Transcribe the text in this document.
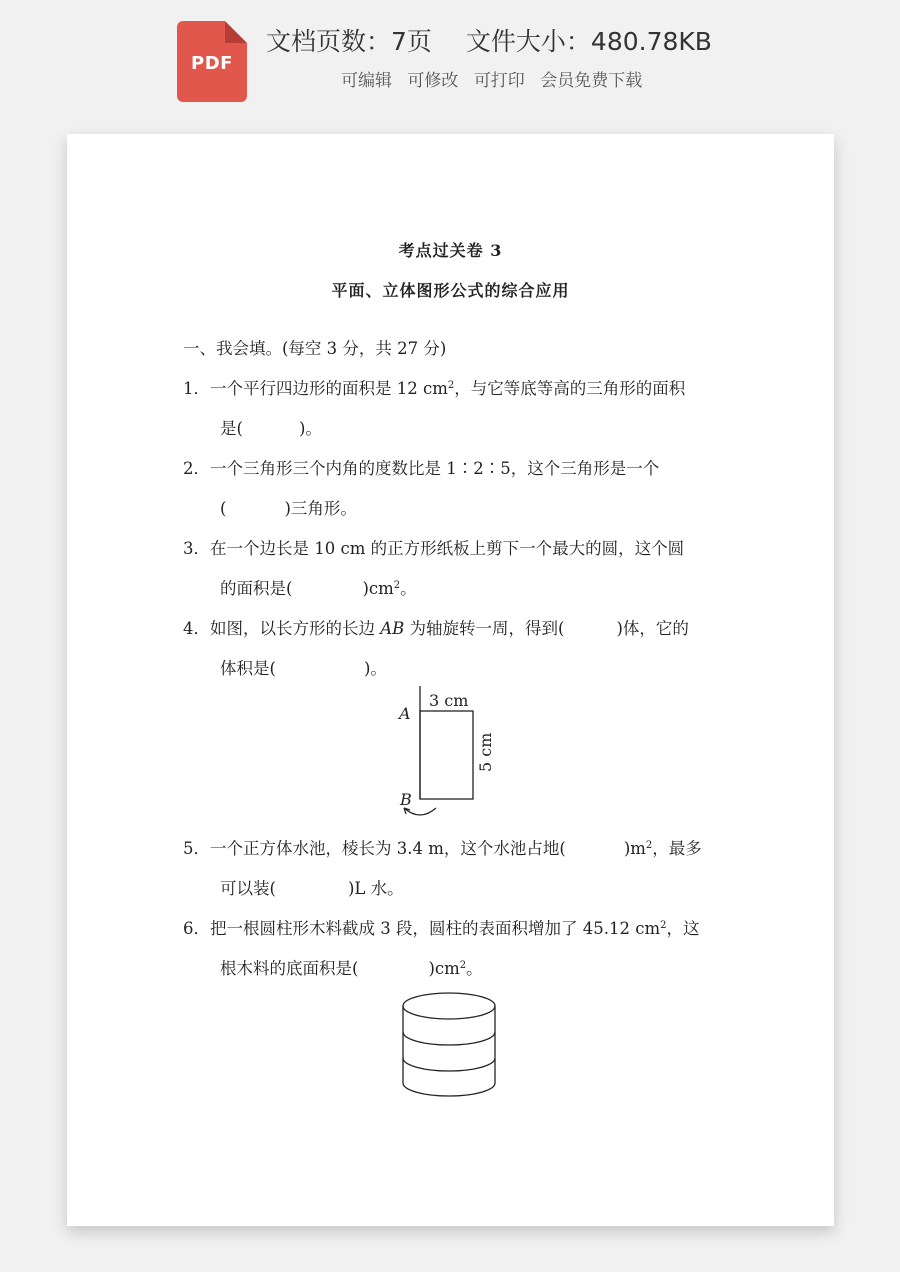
PDF
文档页数：7页 文件大小：480.78KB
可编辑 可修改 可打印 会员免费下载
考点过关卷 3
平面、立体图形公式的综合应用
一、我会填。(每空 3 分，共 27 分)
1．一个平行四边形的面积是 12 $cm^2$，与它等底等高的三角形的面积
是(	)。
2．一个三角形三个内角的度数比是 1∶2∶5，这个三角形是一个
(	)三角形。
3．在一个边长是 10 cm 的正方形纸板上剪下一个最大的圆，这个圆
的面积是(	)$cm^2$。
4．如图，以长方形的长边 AB 为轴旋转一周，得到(	)体，它的
体积是(	)。
A
B
3 cm
5 cm
5．一个正方体水池，棱长为 3.4 m，这个水池占地(	)$m^2$，最多
可以装(	)L 水。
6．把一根圆柱形木料截成 3 段，圆柱的表面积增加了 45.12 $cm^2$，这
根木料的底面积是(	)$cm^2$。
